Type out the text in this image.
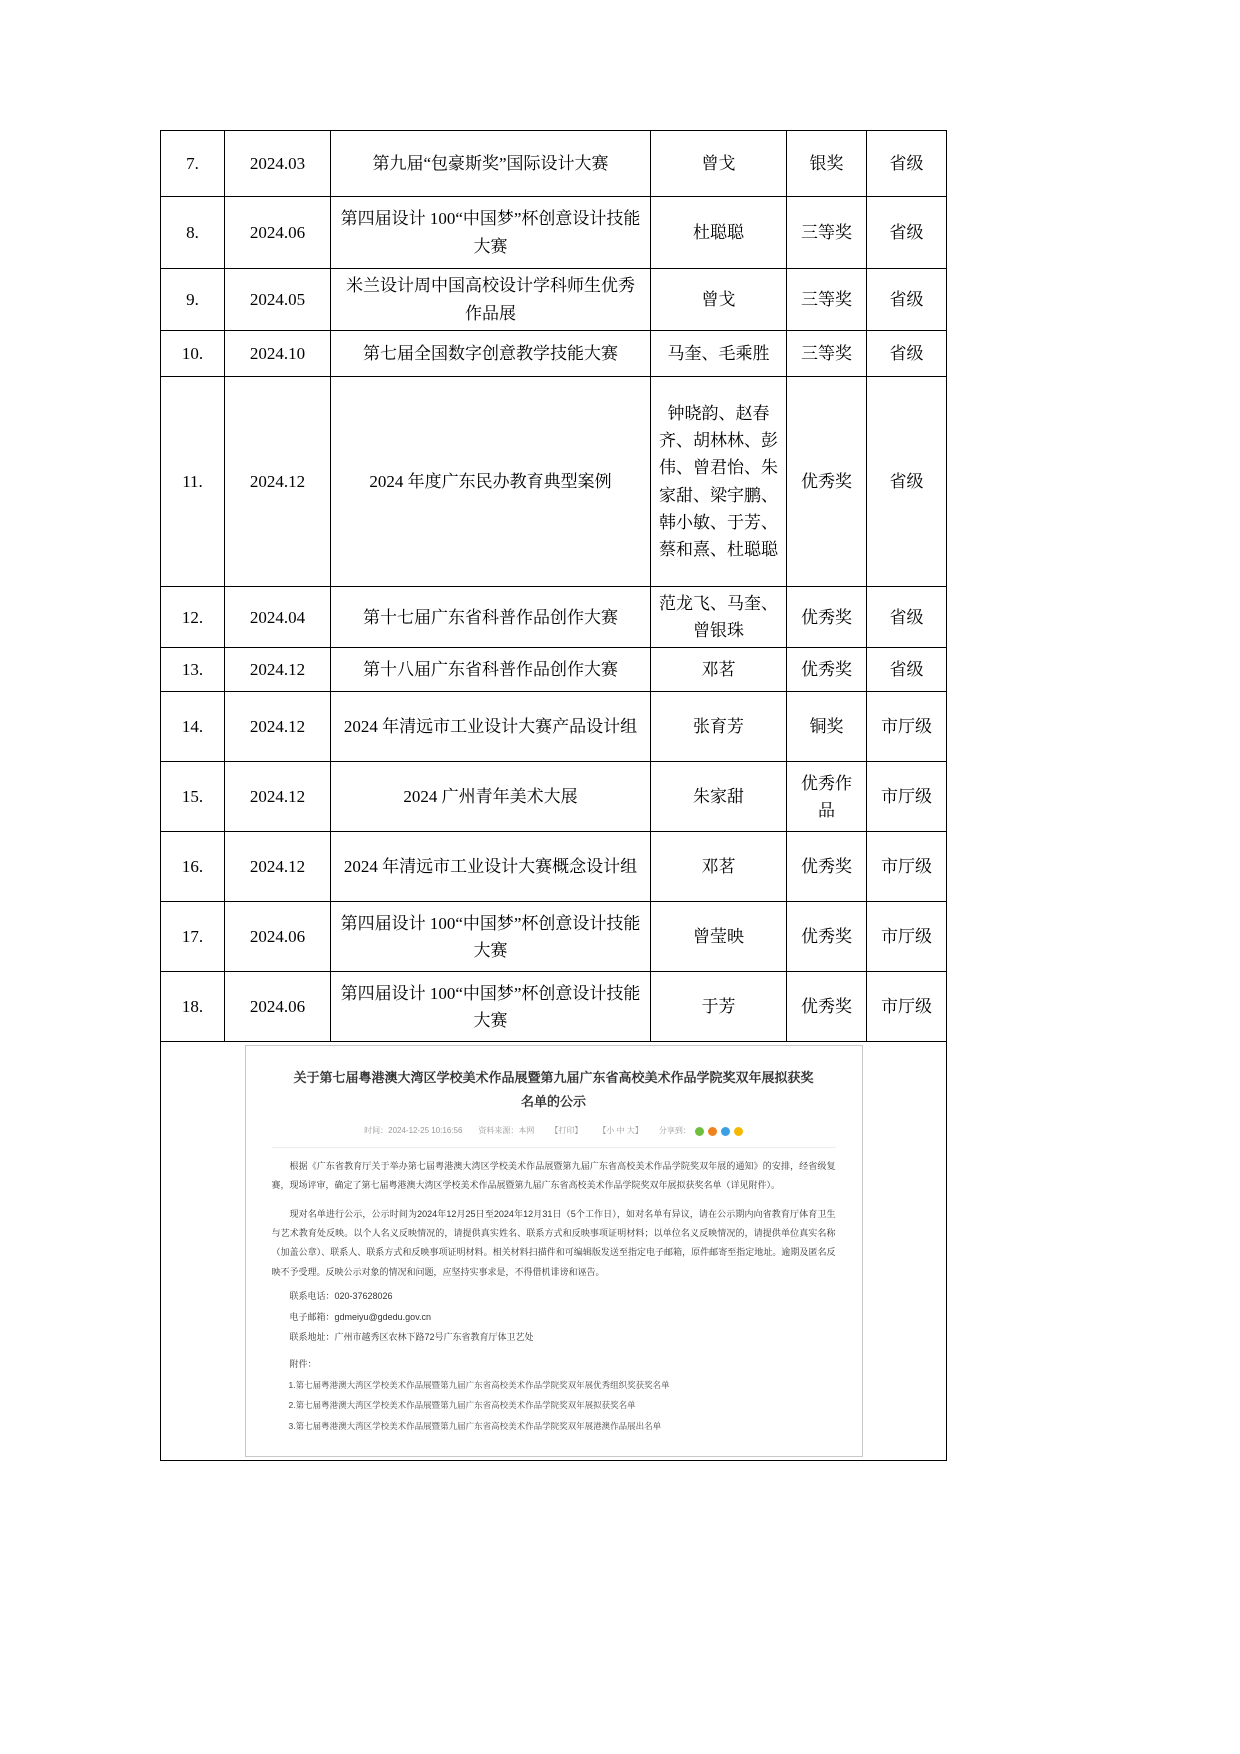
7.	2024.03	第九届“包豪斯奖”国际设计大赛	曾戈	银奖	省级
8.	2024.06	第四届设计 100“中国梦”杯创意设计技能大赛	杜聪聪	三等奖	省级
9.	2024.05	米兰设计周中国高校设计学科师生优秀作品展	曾戈	三等奖	省级
10.	2024.10	第七届全国数字创意教学技能大赛	马奎、毛乘胜	三等奖	省级
11.	2024.12	2024 年度广东民办教育典型案例	钟晓韵、赵春齐、胡林林、彭伟、曾君怡、朱家甜、梁宇鹏、韩小敏、于芳、蔡和熹、杜聪聪	优秀奖	省级
12.	2024.04	第十七届广东省科普作品创作大赛	范龙飞、马奎、曾银珠	优秀奖	省级
13.	2024.12	第十八届广东省科普作品创作大赛	邓茗	优秀奖	省级
14.	2024.12	2024 年清远市工业设计大赛产品设计组	张育芳	铜奖	市厅级
15.	2024.12	2024 广州青年美术大展	朱家甜	优秀作品	市厅级
16.	2024.12	2024 年清远市工业设计大赛概念设计组	邓茗	优秀奖	市厅级
17.	2024.06	第四届设计 100“中国梦”杯创意设计技能大赛	曾莹映	优秀奖	市厅级
18.	2024.06	第四届设计 100“中国梦”杯创意设计技能大赛	于芳	优秀奖	市厅级

关于第七届粤港澳大湾区学校美术作品展暨第九届广东省高校美术作品学院奖双年展拟获奖名单的公示
时间：2024-12-25 10:16:56 资料来源：本网 【打印】 【小 中 大】 分享到：

根据《广东省教育厅关于举办第七届粤港澳大湾区学校美术作品展暨第九届广东省高校美术作品学院奖双年展的通知》的安排，经省级复赛，现场评审，确定了第七届粤港澳大湾区学校美术作品展暨第九届广东省高校美术作品学院奖双年展拟获奖名单（详见附件）。

现对名单进行公示，公示时间为2024年12月25日至2024年12月31日（5个工作日），如对名单有异议，请在公示期内向省教育厅体育卫生与艺术教育处反映。以个人名义反映情况的，请提供真实姓名、联系方式和反映事项证明材料；以单位名义反映情况的，请提供单位真实名称（加盖公章）、联系人、联系方式和反映事项证明材料。相关材料扫描件和可编辑版发送至指定电子邮箱，原件邮寄至指定地址。逾期及匿名反映不予受理。反映公示对象的情况和问题，应坚持实事求是，不得借机诽谤和诬告。

联系电话：020-37628026
电子邮箱：gdmeiyu@gdedu.gov.cn
联系地址：广州市越秀区农林下路72号广东省教育厅体卫艺处
附件：
1.第七届粤港澳大湾区学校美术作品展暨第九届广东省高校美术作品学院奖双年展优秀组织奖获奖名单
2.第七届粤港澳大湾区学校美术作品展暨第九届广东省高校美术作品学院奖双年展拟获奖名单
3.第七届粤港澳大湾区学校美术作品展暨第九届广东省高校美术作品学院奖双年展港澳作品展出名单
